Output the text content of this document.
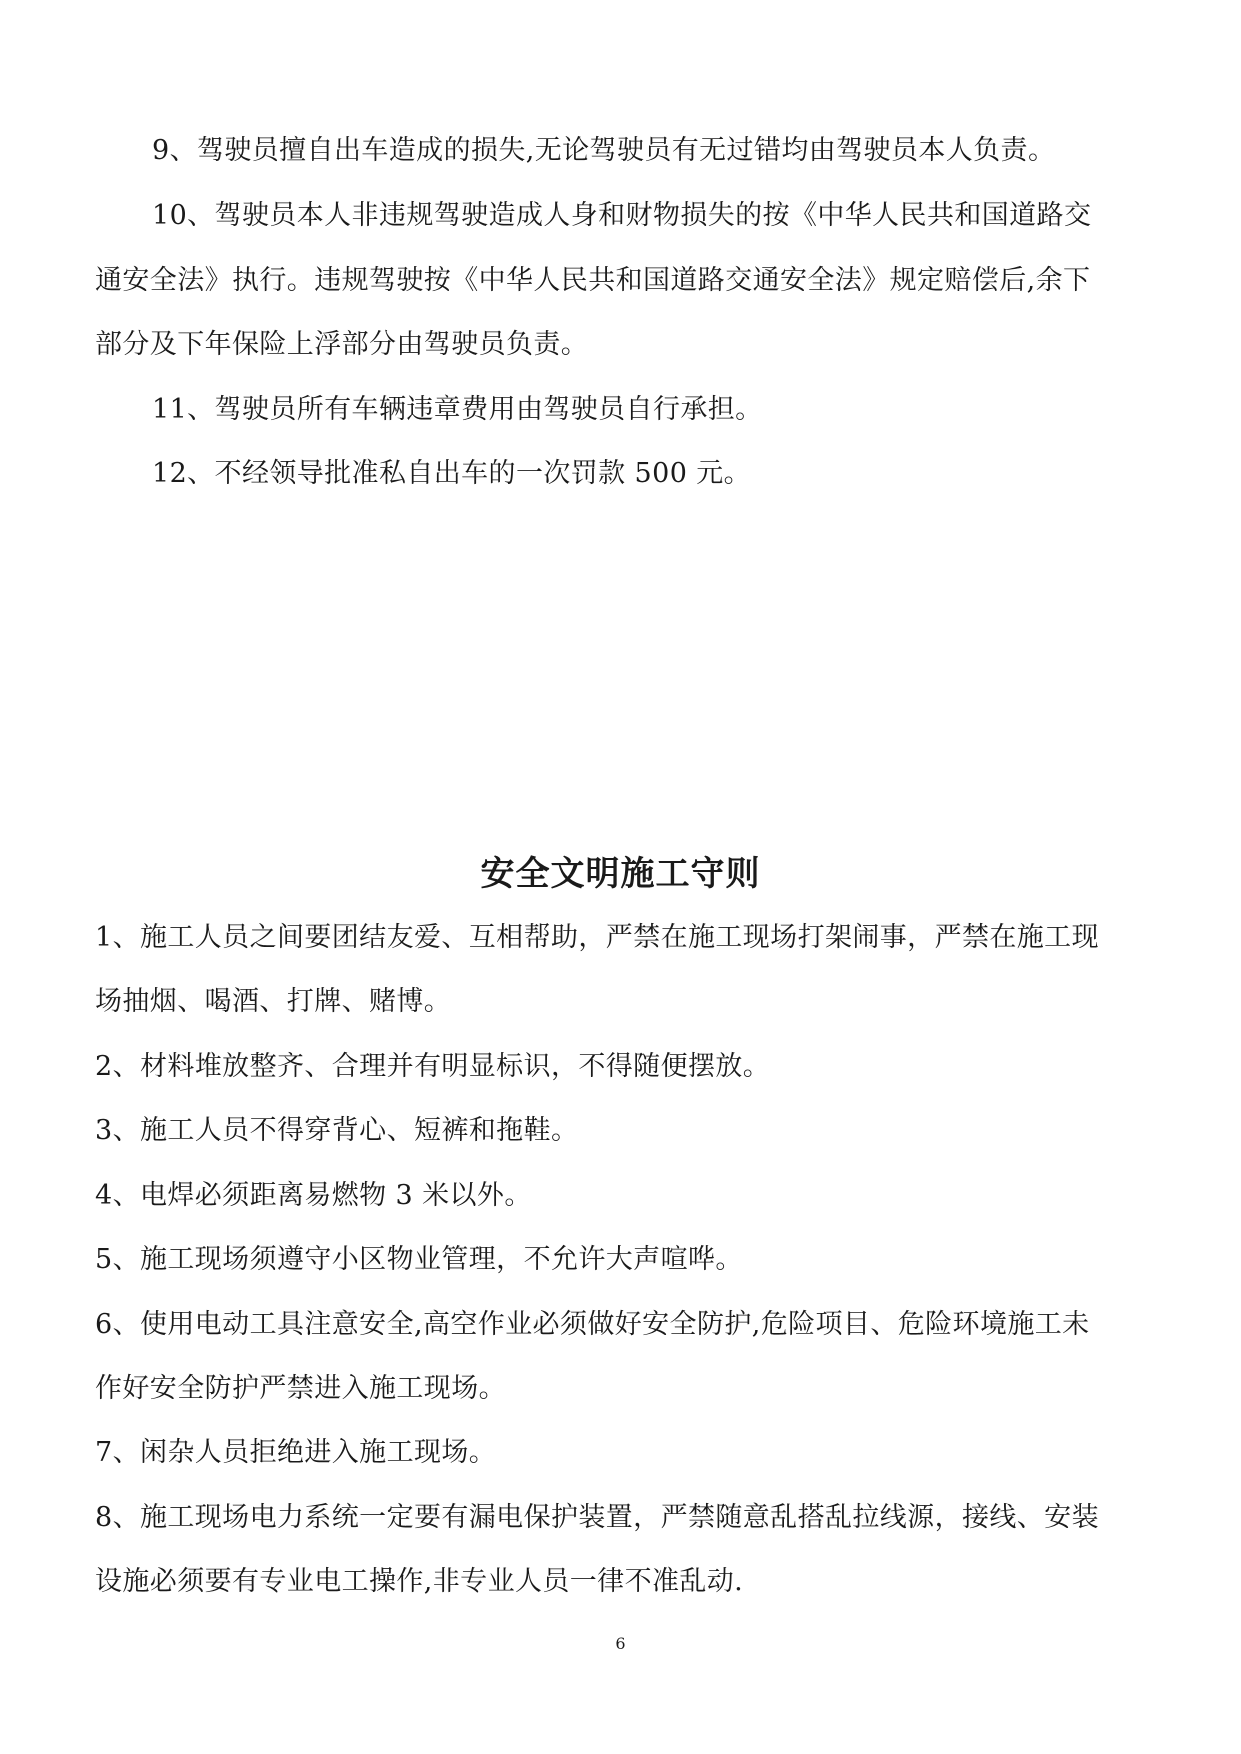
9、驾驶员擅自出车造成的损失,无论驾驶员有无过错均由驾驶员本人负责。
10、驾驶员本人非违规驾驶造成人身和财物损失的按《中华人民共和国道路交
通安全法》执行。违规驾驶按《中华人民共和国道路交通安全法》规定赔偿后,余下
部分及下年保险上浮部分由驾驶员负责。
11、驾驶员所有车辆违章费用由驾驶员自行承担。
12、不经领导批准私自出车的一次罚款 500 元。
安全文明施工守则
1、施工人员之间要团结友爱、互相帮助，严禁在施工现场打架闹事，严禁在施工现
场抽烟、喝酒、打牌、赌博。
2、材料堆放整齐、合理并有明显标识，不得随便摆放。
3、施工人员不得穿背心、短裤和拖鞋。
4、电焊必须距离易燃物 3 米以外。
5、施工现场须遵守小区物业管理，不允许大声喧哗。
6、使用电动工具注意安全,高空作业必须做好安全防护,危险项目、危险环境施工未
作好安全防护严禁进入施工现场。
7、闲杂人员拒绝进入施工现场。
8、施工现场电力系统一定要有漏电保护装置，严禁随意乱搭乱拉线源，接线、安装
设施必须要有专业电工操作,非专业人员一律不准乱动.
6
